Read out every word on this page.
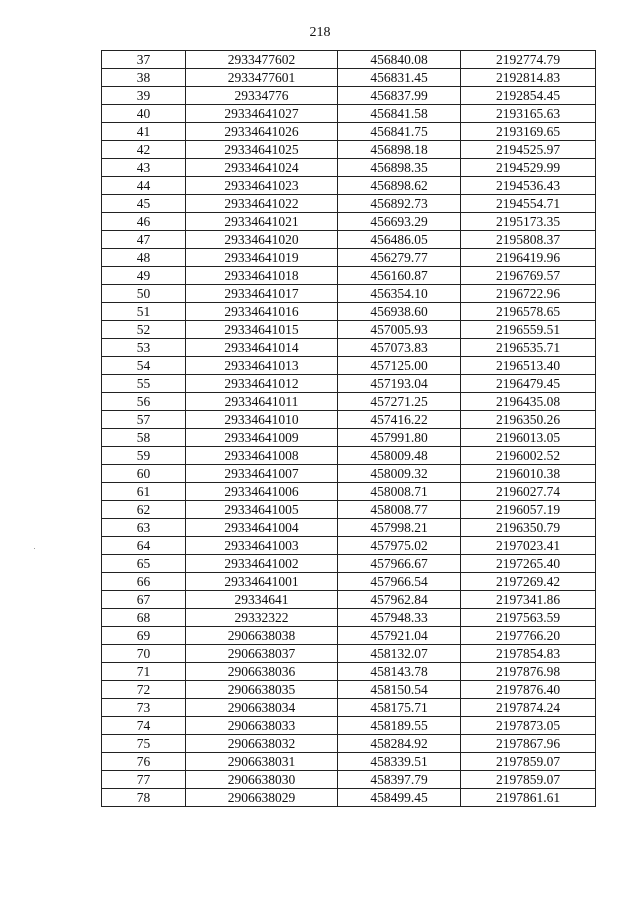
218
37	2933477602	456840.08	2192774.79
38	2933477601	456831.45	2192814.83
39	29334776	456837.99	2192854.45
40	29334641027	456841.58	2193165.63
41	29334641026	456841.75	2193169.65
42	29334641025	456898.18	2194525.97
43	29334641024	456898.35	2194529.99
44	29334641023	456898.62	2194536.43
45	29334641022	456892.73	2194554.71
46	29334641021	456693.29	2195173.35
47	29334641020	456486.05	2195808.37
48	29334641019	456279.77	2196419.96
49	29334641018	456160.87	2196769.57
50	29334641017	456354.10	2196722.96
51	29334641016	456938.60	2196578.65
52	29334641015	457005.93	2196559.51
53	29334641014	457073.83	2196535.71
54	29334641013	457125.00	2196513.40
55	29334641012	457193.04	2196479.45
56	29334641011	457271.25	2196435.08
57	29334641010	457416.22	2196350.26
58	29334641009	457991.80	2196013.05
59	29334641008	458009.48	2196002.52
60	29334641007	458009.32	2196010.38
61	29334641006	458008.71	2196027.74
62	29334641005	458008.77	2196057.19
63	29334641004	457998.21	2196350.79
64	29334641003	457975.02	2197023.41
65	29334641002	457966.67	2197265.40
66	29334641001	457966.54	2197269.42
67	29334641	457962.84	2197341.86
68	29332322	457948.33	2197563.59
69	2906638038	457921.04	2197766.20
70	2906638037	458132.07	2197854.83
71	2906638036	458143.78	2197876.98
72	2906638035	458150.54	2197876.40
73	2906638034	458175.71	2197874.24
74	2906638033	458189.55	2197873.05
75	2906638032	458284.92	2197867.96
76	2906638031	458339.51	2197859.07
77	2906638030	458397.79	2197859.07
78	2906638029	458499.45	2197861.61
